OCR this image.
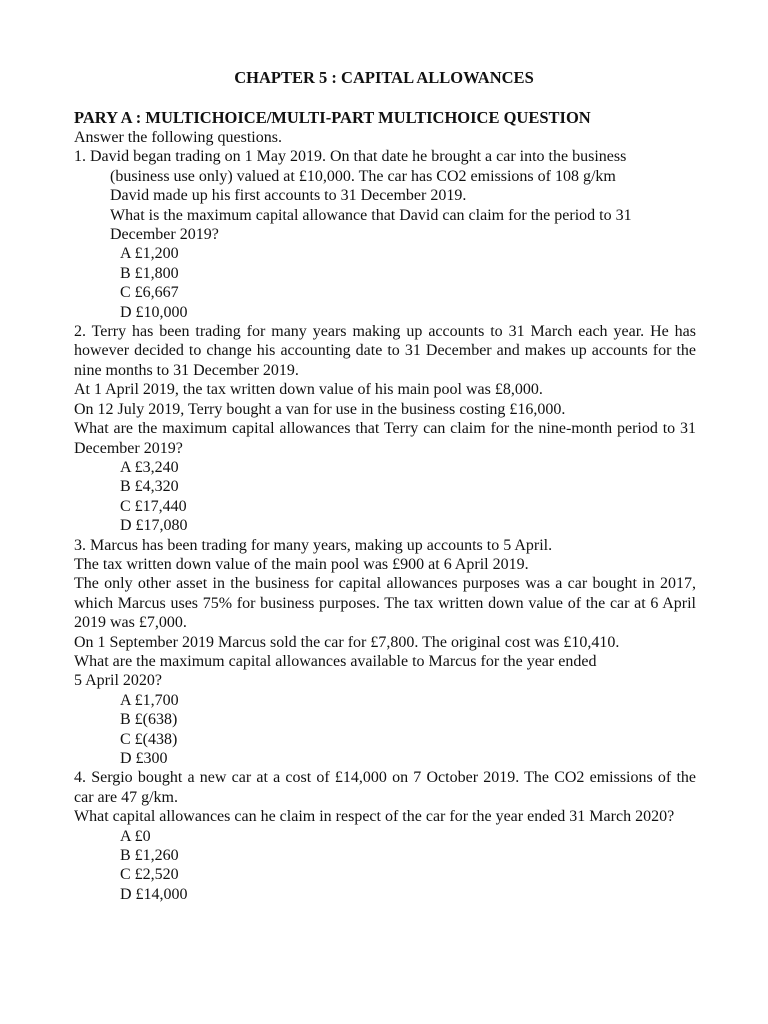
CHAPTER 5 : CAPITAL ALLOWANCES
PARY A : MULTICHOICE/MULTI-PART MULTICHOICE QUESTION

Answer the following questions.

1. David began trading on 1 May 2019. On that date he brought a car into the business

(business use only) valued at £10,000. The car has CO2 emissions of 108 g/km

David made up his first accounts to 31 December 2019.

What is the maximum capital allowance that David can claim for the period to 31

December 2019?

A £1,200

B £1,800

C £6,667

D £10,000

2. Terry has been trading for many years making up accounts to 31 March each year. He has however decided to change his accounting date to 31 December and makes up accounts for the nine months to 31 December 2019.

At 1 April 2019, the tax written down value of his main pool was £8,000.

On 12 July 2019, Terry bought a van for use in the business costing £16,000.

What are the maximum capital allowances that Terry can claim for the nine-month period to 31 December 2019?

A £3,240

B £4,320

C £17,440

D £17,080

3. Marcus has been trading for many years, making up accounts to 5 April.

The tax written down value of the main pool was £900 at 6 April 2019.

The only other asset in the business for capital allowances purposes was a car bought in 2017, which Marcus uses 75% for business purposes. The tax written down value of the car at 6 April 2019 was £7,000.

On 1 September 2019 Marcus sold the car for £7,800. The original cost was £10,410.

What are the maximum capital allowances available to Marcus for the year ended

5 April 2020?

A £1,700

B £(638)

C £(438)

D £300

4. Sergio bought a new car at a cost of £14,000 on 7 October 2019. The CO2 emissions of the car are 47 g/km.

What capital allowances can he claim in respect of the car for the year ended 31 March 2020?

A £0

B £1,260

C £2,520

D £14,000
